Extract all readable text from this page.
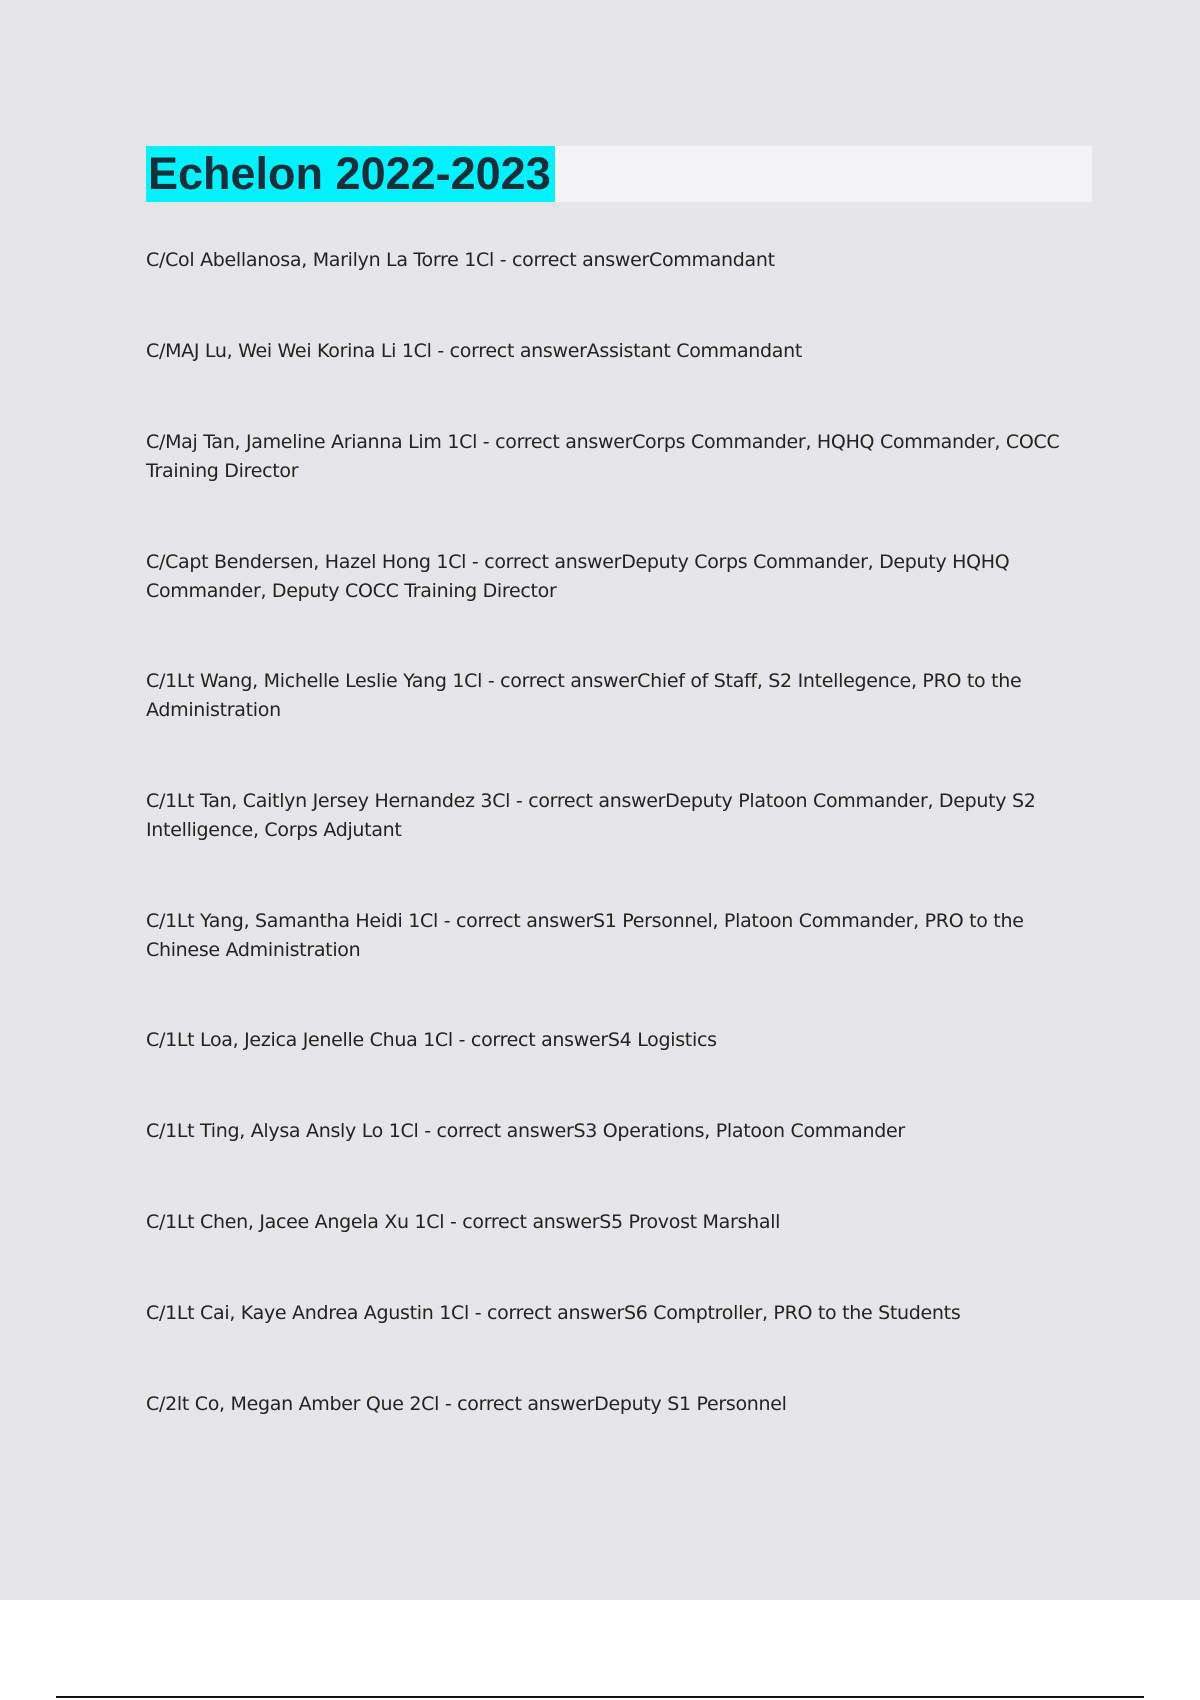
Echelon 2022-2023
C/Col Abellanosa, Marilyn La Torre 1Cl - correct answerCommandant
C/MAJ Lu, Wei Wei Korina Li 1Cl - correct answerAssistant Commandant
C/Maj Tan, Jameline Arianna Lim 1Cl - correct answerCorps Commander, HQHQ Commander, COCC Training Director
C/Capt Bendersen, Hazel Hong 1Cl - correct answerDeputy Corps Commander, Deputy HQHQ Commander, Deputy COCC Training Director
C/1Lt Wang, Michelle Leslie Yang 1Cl - correct answerChief of Staff, S2 Intellegence, PRO to the Administration
C/1Lt Tan, Caitlyn Jersey Hernandez 3Cl - correct answerDeputy Platoon Commander, Deputy S2 Intelligence, Corps Adjutant
C/1Lt Yang, Samantha Heidi 1Cl - correct answerS1 Personnel, Platoon Commander, PRO to the Chinese Administration
C/1Lt Loa, Jezica Jenelle Chua 1Cl - correct answerS4 Logistics
C/1Lt Ting, Alysa Ansly Lo 1Cl - correct answerS3 Operations, Platoon Commander
C/1Lt Chen, Jacee Angela Xu 1Cl - correct answerS5 Provost Marshall
C/1Lt Cai, Kaye Andrea Agustin 1Cl - correct answerS6 Comptroller, PRO to the Students
C/2lt Co, Megan Amber Que 2Cl - correct answerDeputy S1 Personnel
